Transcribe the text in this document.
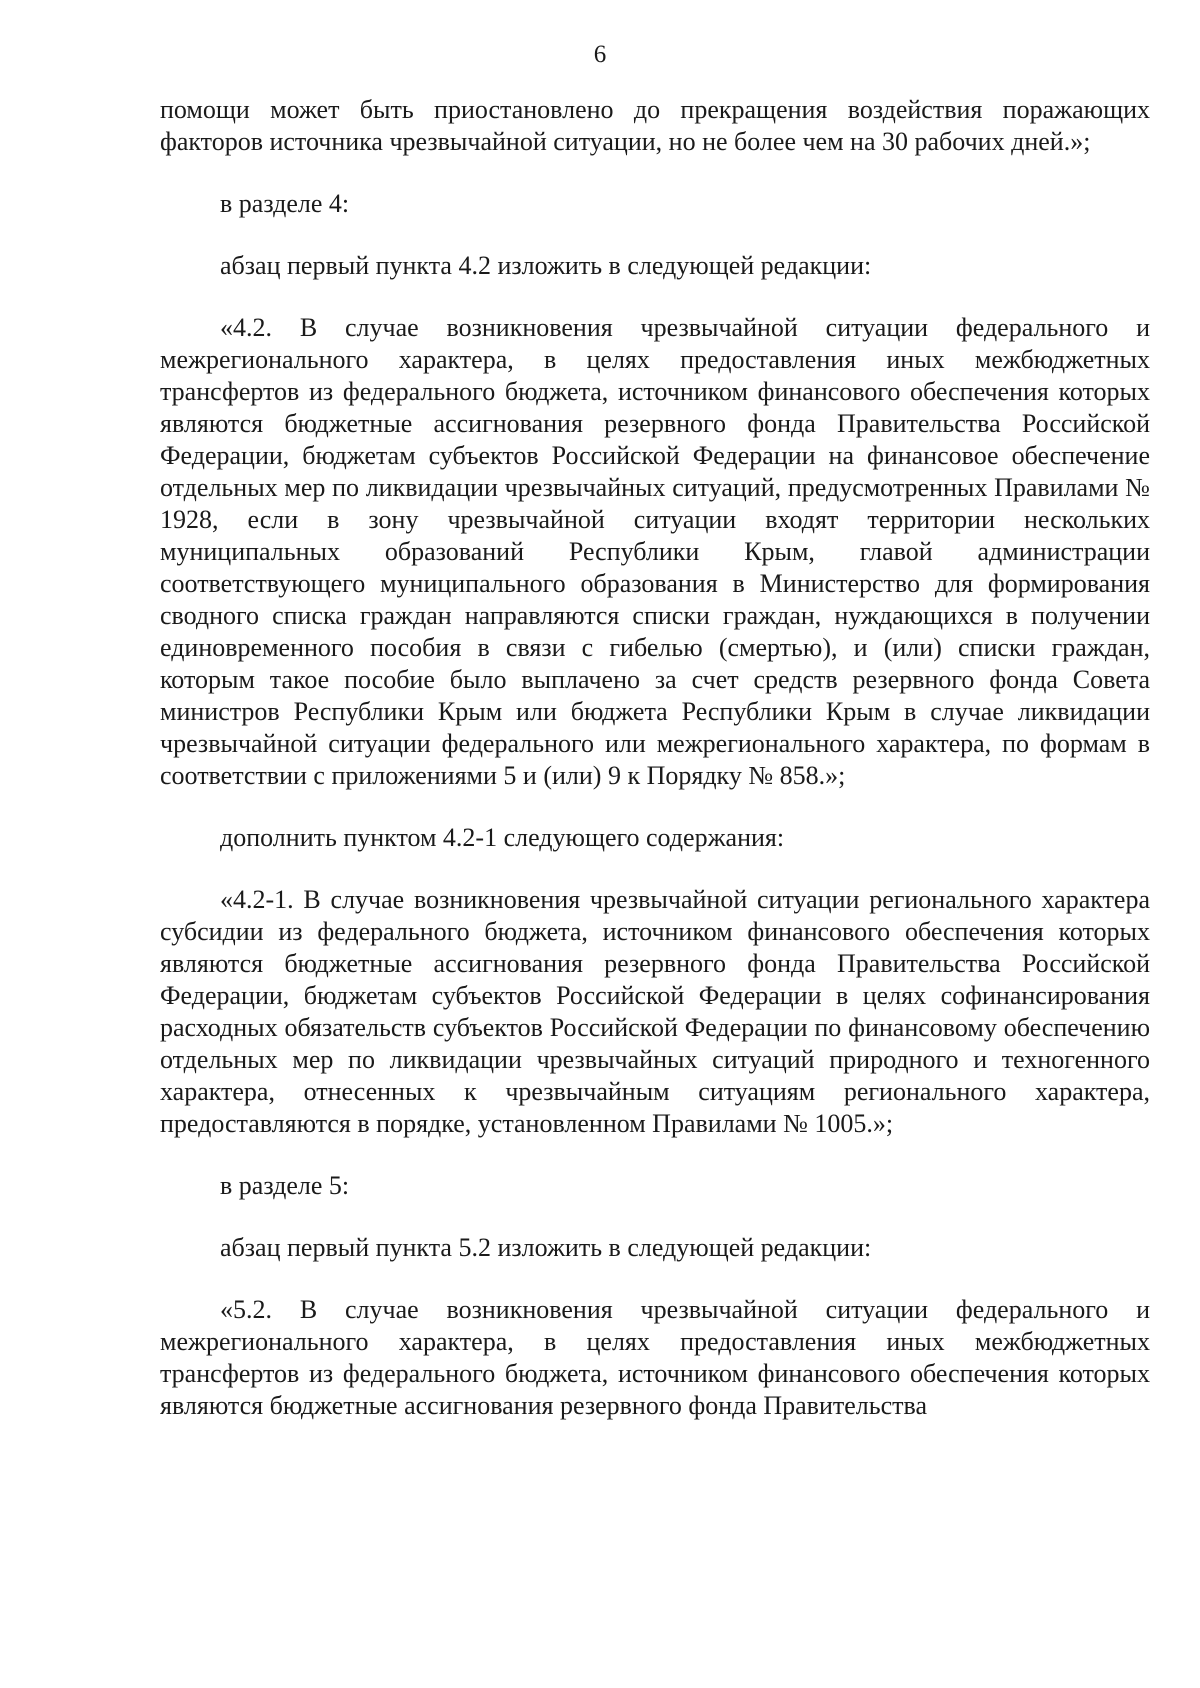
6

помощи может быть приостановлено до прекращения воздействия поражающих факторов источника чрезвычайной ситуации, но не более чем на 30 рабочих дней.»;

в разделе 4:

абзац первый пункта 4.2 изложить в следующей редакции:

«4.2. В случае возникновения чрезвычайной ситуации федерального и межрегионального характера, в целях предоставления иных межбюджетных трансфертов из федерального бюджета, источником финансового обеспечения которых являются бюджетные ассигнования резервного фонда Правительства Российской Федерации, бюджетам субъектов Российской Федерации на финансовое обеспечение отдельных мер по ликвидации чрезвычайных ситуаций, предусмотренных Правилами № 1928, если в зону чрезвычайной ситуации входят территории нескольких муниципальных образований Республики Крым, главой администрации соответствующего муниципального образования в Министерство для формирования сводного списка граждан направляются списки граждан, нуждающихся в получении единовременного пособия в связи с гибелью (смертью), и (или) списки граждан, которым такое пособие было выплачено за счет средств резервного фонда Совета министров Республики Крым или бюджета Республики Крым в случае ликвидации чрезвычайной ситуации федерального или межрегионального характера, по формам в соответствии с приложениями 5 и (или) 9 к Порядку № 858.»;

дополнить пунктом 4.2-1 следующего содержания:

«4.2-1. В случае возникновения чрезвычайной ситуации регионального характера субсидии из федерального бюджета, источником финансового обеспечения которых являются бюджетные ассигнования резервного фонда Правительства Российской Федерации, бюджетам субъектов Российской Федерации в целях софинансирования расходных обязательств субъектов Российской Федерации по финансовому обеспечению отдельных мер по ликвидации чрезвычайных ситуаций природного и техногенного характера, отнесенных к чрезвычайным ситуациям регионального характера, предоставляются в порядке, установленном Правилами № 1005.»;

в разделе 5:

абзац первый пункта 5.2 изложить в следующей редакции:

«5.2. В случае возникновения чрезвычайной ситуации федерального и межрегионального характера, в целях предоставления иных межбюджетных трансфертов из федерального бюджета, источником финансового обеспечения которых являются бюджетные ассигнования резервного фонда Правительства
